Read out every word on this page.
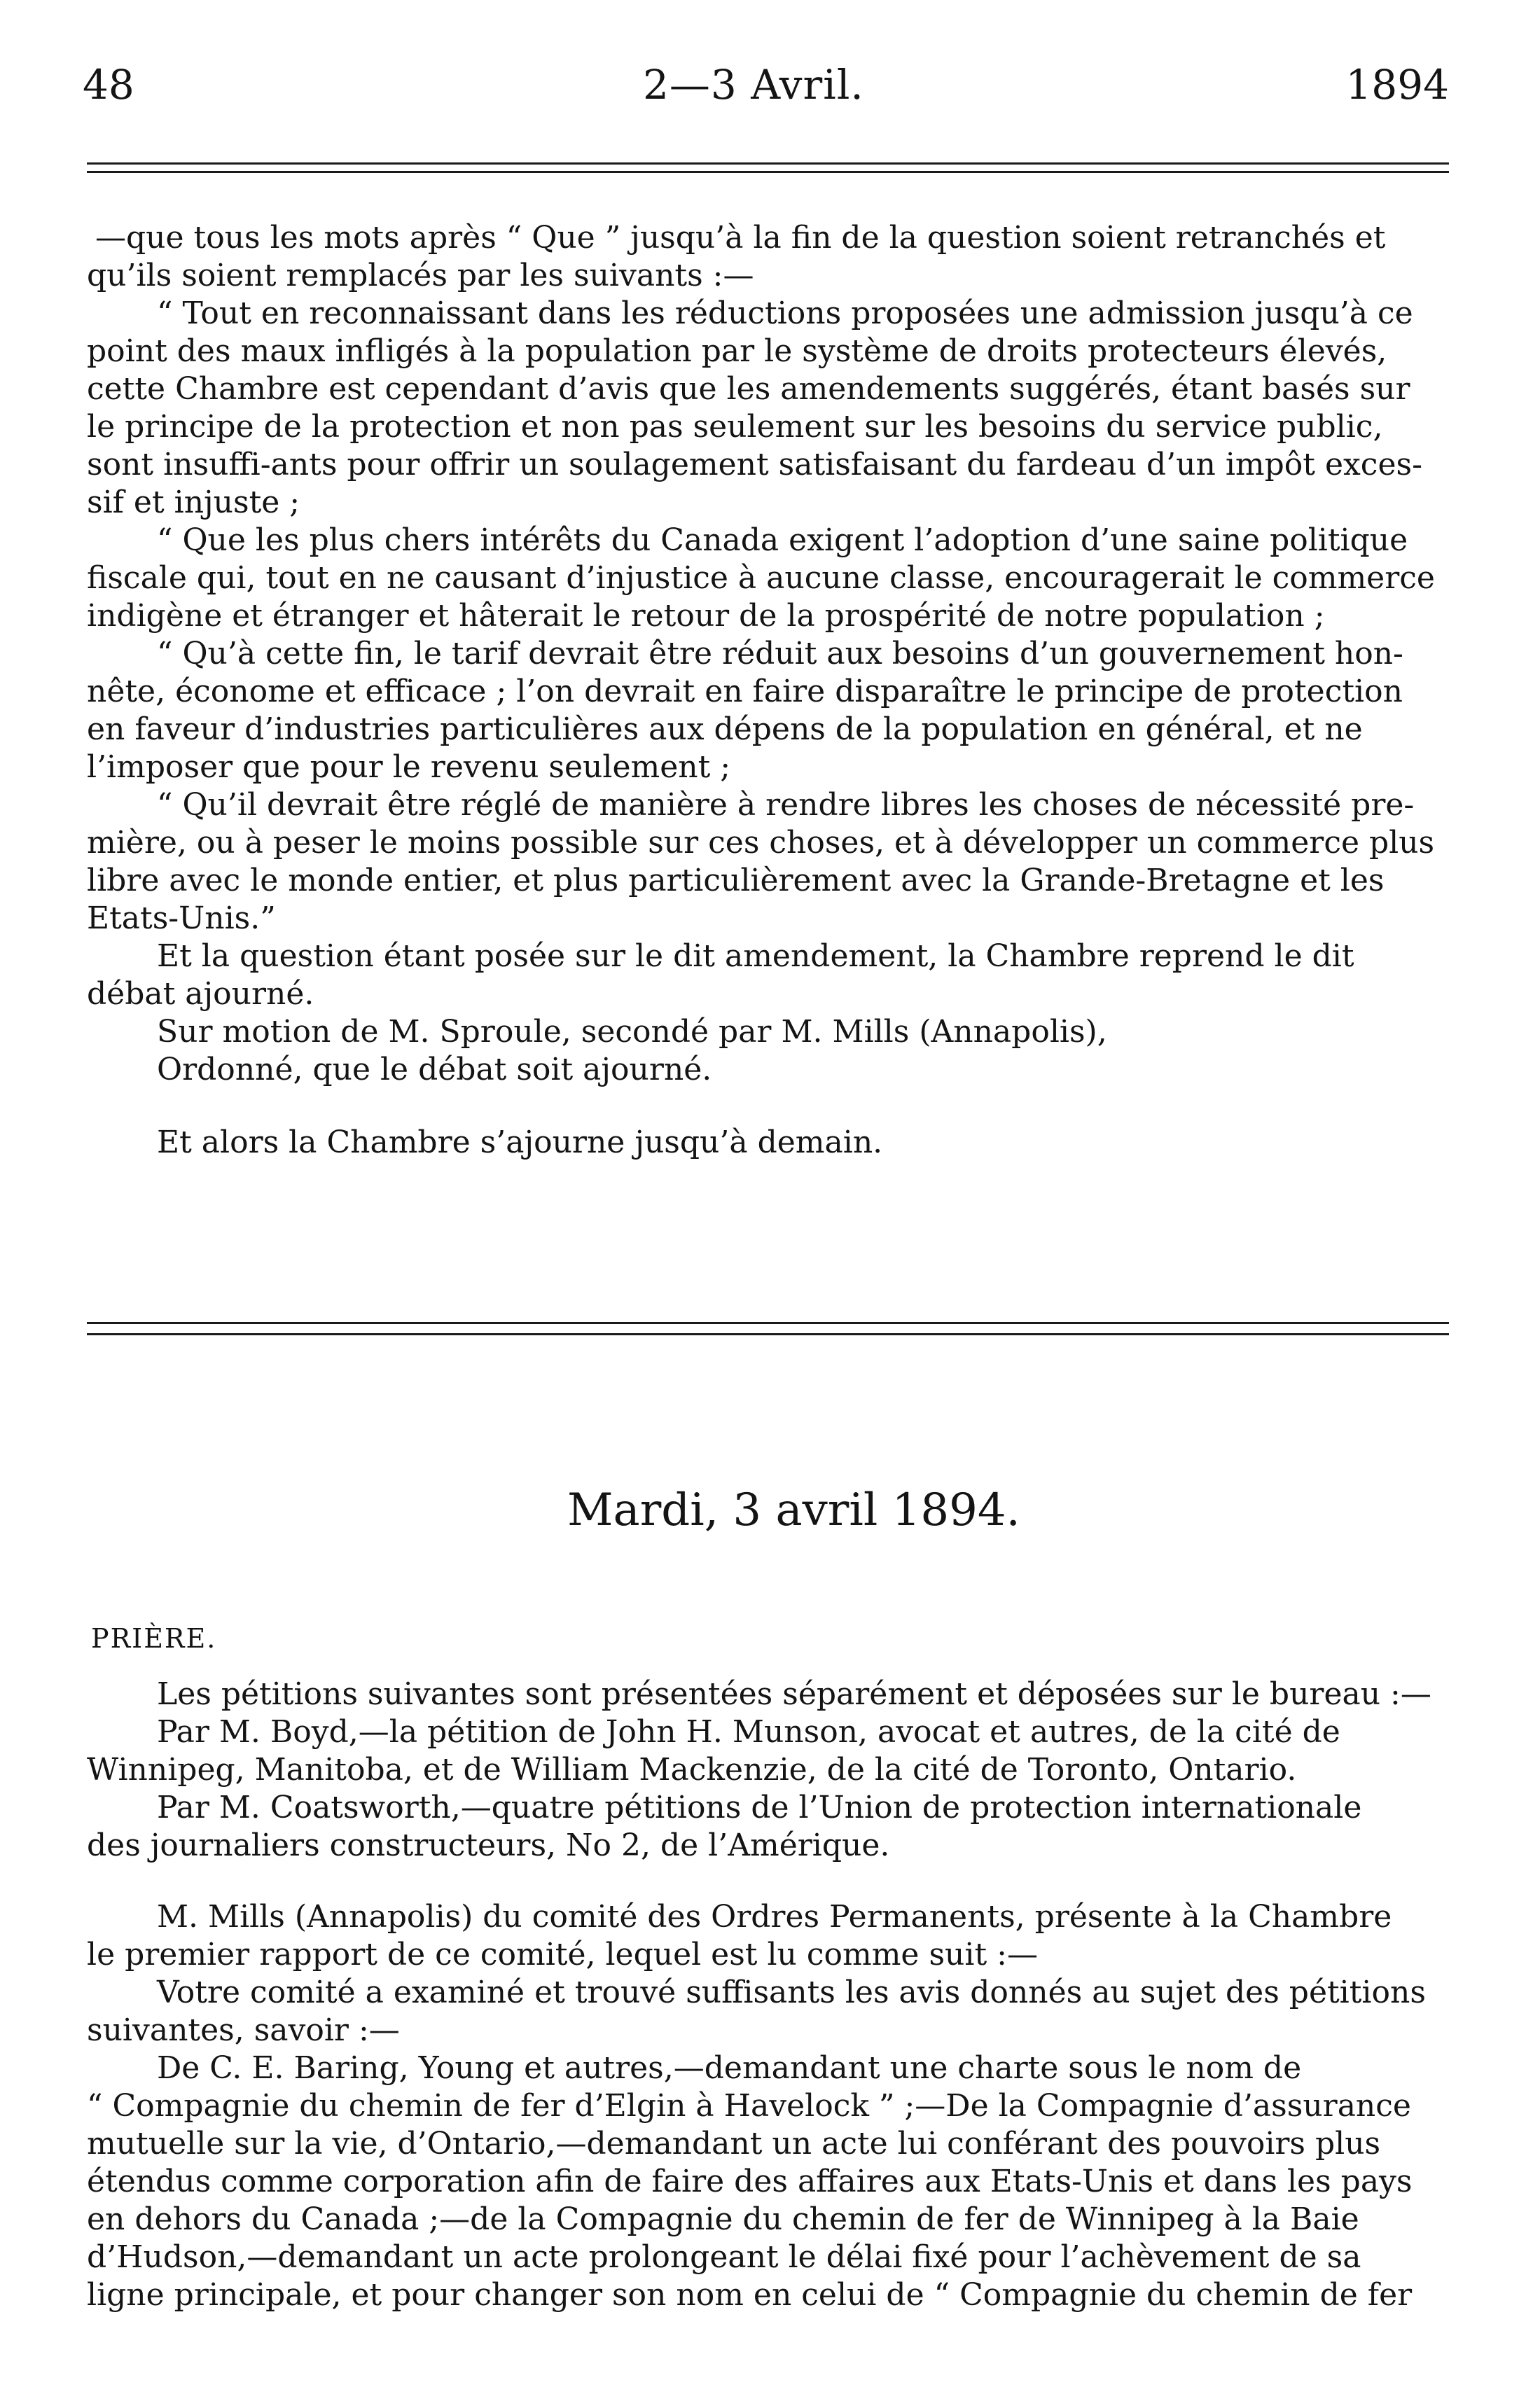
48	2—3 Avril.	1894
—que tous les mots après “ Que ” jusqu’à la fin de la question soient retranchés et
qu’ils soient remplacés par les suivants :—
“ Tout en reconnaissant dans les réductions proposées une admission jusqu’à ce
point des maux infligés à la population par le système de droits protecteurs élevés,
cette Chambre est cependant d’avis que les amendements suggérés, étant basés sur
le principe de la protection et non pas seulement sur les besoins du service public,
sont insuffi-ants pour offrir un soulagement satisfaisant du fardeau d’un impôt exces-
sif et injuste ;
“ Que les plus chers intérêts du Canada exigent l’adoption d’une saine politique
fiscale qui, tout en ne causant d’injustice à aucune classe, encouragerait le commerce
indigène et étranger et hâterait le retour de la prospérité de notre population ;
“ Qu’à cette fin, le tarif devrait être réduit aux besoins d’un gouvernement hon-
nête, économe et efficace ; l’on devrait en faire disparaître le principe de protection
en faveur d’industries particulières aux dépens de la population en général, et ne
l’imposer que pour le revenu seulement ;
“ Qu’il devrait être réglé de manière à rendre libres les choses de nécessité pre-
mière, ou à peser le moins possible sur ces choses, et à développer un commerce plus
libre avec le monde entier, et plus particulièrement avec la Grande-Bretagne et les
Etats-Unis.”
Et la question étant posée sur le dit amendement, la Chambre reprend le dit
débat ajourné.
Sur motion de M. Sproule, secondé par M. Mills (Annapolis),
Ordonné, que le débat soit ajourné.
Et alors la Chambre s’ajourne jusqu’à demain.
Mardi, 3 avril 1894.
PRIÈRE.
Les pétitions suivantes sont présentées séparément et déposées sur le bureau :—
Par M. Boyd,—la pétition de John H. Munson, avocat et autres, de la cité de
Winnipeg, Manitoba, et de William Mackenzie, de la cité de Toronto, Ontario.
Par M. Coatsworth,—quatre pétitions de l’Union de protection internationale
des journaliers constructeurs, No 2, de l’Amérique.
M. Mills (Annapolis) du comité des Ordres Permanents, présente à la Chambre
le premier rapport de ce comité, lequel est lu comme suit :—
Votre comité a examiné et trouvé suffisants les avis donnés au sujet des pétitions
suivantes, savoir :—
De C. E. Baring, Young et autres,—demandant une charte sous le nom de
“ Compagnie du chemin de fer d’Elgin à Havelock ” ;—De la Compagnie d’assurance
mutuelle sur la vie, d’Ontario,—demandant un acte lui conférant des pouvoirs plus
étendus comme corporation afin de faire des affaires aux Etats-Unis et dans les pays
en dehors du Canada ;—de la Compagnie du chemin de fer de Winnipeg à la Baie
d’Hudson,—demandant un acte prolongeant le délai fixé pour l’achèvement de sa
ligne principale, et pour changer son nom en celui de “ Compagnie du chemin de fer
